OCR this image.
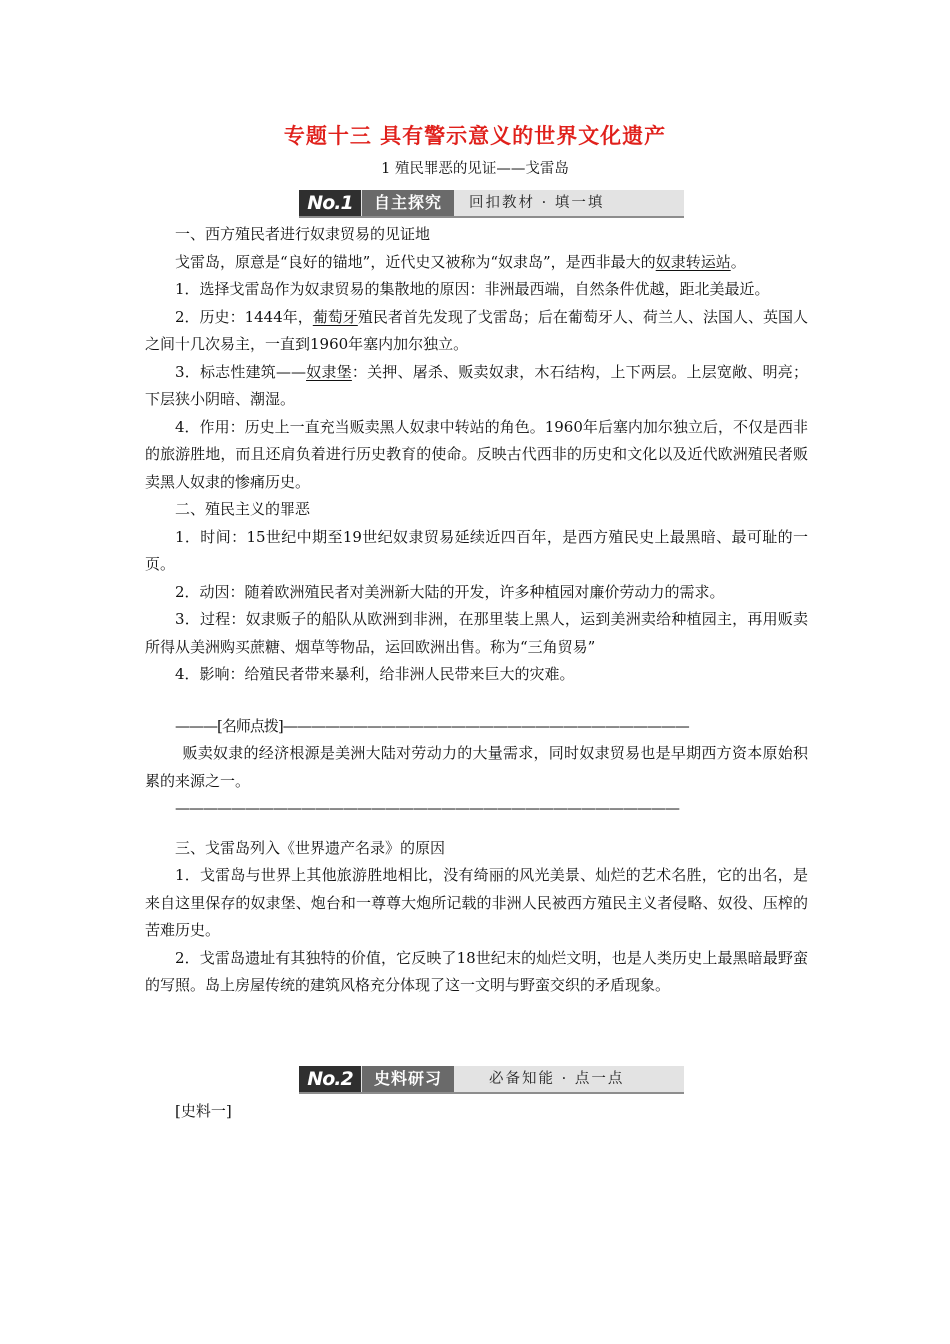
专题十三 具有警示意义的世界文化遗产
1 殖民罪恶的见证——戈雷岛
No.1	自主探究	回扣教材 · 填一填

一、西方殖民者进行奴隶贸易的见证地

戈雷岛，原意是“良好的锚地”，近代史又被称为“奴隶岛”，是西非最大的奴隶转运站。

1．选择戈雷岛作为奴隶贸易的集散地的原因：非洲最西端，自然条件优越，距北美最近。

2．历史：1444年，葡萄牙殖民者首先发现了戈雷岛；后在葡萄牙人、荷兰人、法国人、英国人之间十几次易主，一直到1960年塞内加尔独立。

3．标志性建筑——奴隶堡：关押、屠杀、贩卖奴隶，木石结构，上下两层。上层宽敞、明亮；下层狭小阴暗、潮湿。

4．作用：历史上一直充当贩卖黑人奴隶中转站的角色。1960年后塞内加尔独立后，不仅是西非的旅游胜地，而且还肩负着进行历史教育的使命。反映古代西非的历史和文化以及近代欧洲殖民者贩卖黑人奴隶的惨痛历史。

二、殖民主义的罪恶

1．时间：15世纪中期至19世纪奴隶贸易延续近四百年，是西方殖民史上最黑暗、最可耻的一页。

2．动因：随着欧洲殖民者对美洲新大陆的开发，许多种植园对廉价劳动力的需求。

3．过程：奴隶贩子的船队从欧洲到非洲，在那里装上黑人，运到美洲卖给种植园主，再用贩卖所得从美洲购买蔗糖、烟草等物品，运回欧洲出售。称为“三角贸易”

4．影响：给殖民者带来暴利，给非洲人民带来巨大的灾难。

———[名师点拨]—————————————————————————————

贩卖奴隶的经济根源是美洲大陆对劳动力的大量需求，同时奴隶贸易也是早期西方资本原始积累的来源之一。

————————————————————————————————————

三、戈雷岛列入《世界遗产名录》的原因

1．戈雷岛与世界上其他旅游胜地相比，没有绮丽的风光美景、灿烂的艺术名胜，它的出名，是来自这里保存的奴隶堡、炮台和一尊尊大炮所记载的非洲人民被西方殖民主义者侵略、奴役、压榨的苦难历史。

2．戈雷岛遗址有其独特的价值，它反映了18世纪末的灿烂文明，也是人类历史上最黑暗最野蛮的写照。岛上房屋传统的建筑风格充分体现了这一文明与野蛮交织的矛盾现象。

No.2	史料研习	必备知能 · 点一点

[史料一]
